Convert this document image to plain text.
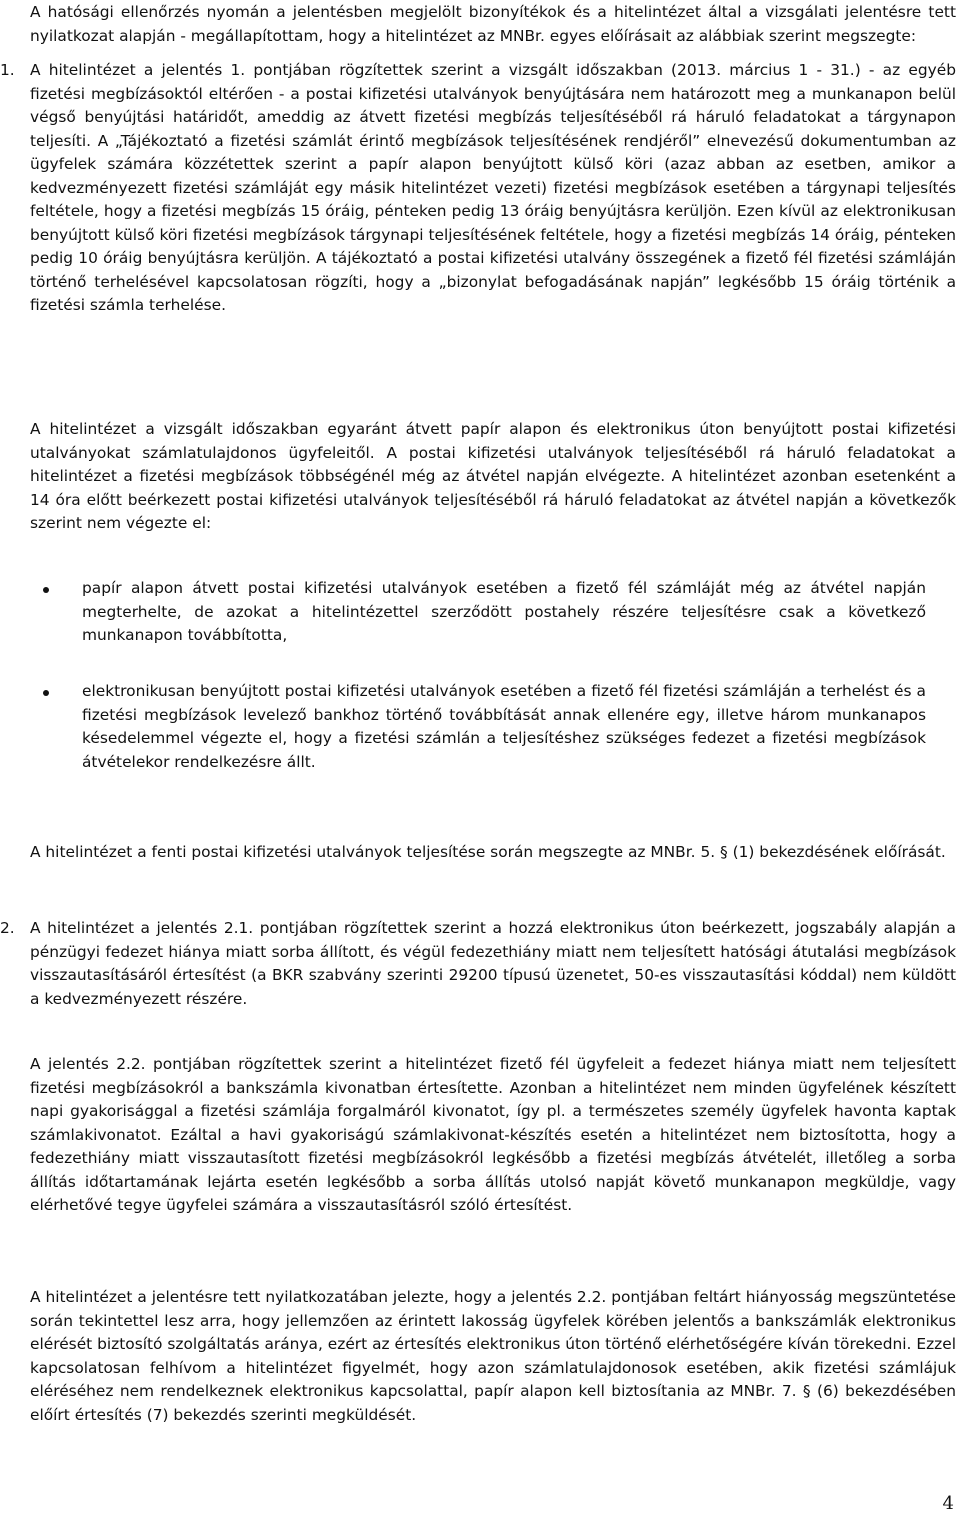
A hatósági ellenőrzés nyomán a jelentésben megjelölt bizonyítékok és a hitelintézet által a vizsgálati jelentésre tett nyilatkozat alapján - megállapítottam, hogy a hitelintézet az MNBr. egyes előírásait az alábbiak szerint megszegte:

1. A hitelintézet a jelentés 1. pontjában rögzítettek szerint a vizsgált időszakban (2013. március 1 - 31.) - az egyéb fizetési megbízásoktól eltérően - a postai kifizetési utalványok benyújtására nem határozott meg a munkanapon belül végső benyújtási határidőt, ameddig az átvett fizetési megbízás teljesítéséből rá háruló feladatokat a tárgynapon teljesíti. A „Tájékoztató a fizetési számlát érintő megbízások teljesítésének rendjéről” elnevezésű dokumentumban az ügyfelek számára közzétettek szerint a papír alapon benyújtott külső köri (azaz abban az esetben, amikor a kedvezményezett fizetési számláját egy másik hitelintézet vezeti) fizetési megbízások esetében a tárgynapi teljesítés feltétele, hogy a fizetési megbízás 15 óráig, pénteken pedig 13 óráig benyújtásra kerüljön. Ezen kívül az elektronikusan benyújtott külső köri fizetési megbízások tárgynapi teljesítésének feltétele, hogy a fizetési megbízás 14 óráig, pénteken pedig 10 óráig benyújtásra kerüljön. A tájékoztató a postai kifizetési utalvány összegének a fizető fél fizetési számláján történő terhelésével kapcsolatosan rögzíti, hogy a „bizonylat befogadásának napján” legkésőbb 15 óráig történik a fizetési számla terhelése.

A hitelintézet a vizsgált időszakban egyaránt átvett papír alapon és elektronikus úton benyújtott postai kifizetési utalványokat számlatulajdonos ügyfeleitől. A postai kifizetési utalványok teljesítéséből rá háruló feladatokat a hitelintézet a fizetési megbízások többségénél még az átvétel napján elvégezte. A hitelintézet azonban esetenként a 14 óra előtt beérkezett postai kifizetési utalványok teljesítéséből rá háruló feladatokat az átvétel napján a következők szerint nem végezte el:

papír alapon átvett postai kifizetési utalványok esetében a fizető fél számláját még az átvétel napján megterhelte, de azokat a hitelintézettel szerződött postahely részére teljesítésre csak a következő munkanapon továbbította,

elektronikusan benyújtott postai kifizetési utalványok esetében a fizető fél fizetési számláján a terhelést és a fizetési megbízások levelező bankhoz történő továbbítását annak ellenére egy, illetve három munkanapos késedelemmel végezte el, hogy a fizetési számlán a teljesítéshez szükséges fedezet a fizetési megbízások átvételekor rendelkezésre állt.

A hitelintézet a fenti postai kifizetési utalványok teljesítése során megszegte az MNBr. 5. § (1) bekezdésének előírását.

2. A hitelintézet a jelentés 2.1. pontjában rögzítettek szerint a hozzá elektronikus úton beérkezett, jogszabály alapján a pénzügyi fedezet hiánya miatt sorba állított, és végül fedezethiány miatt nem teljesített hatósági átutalási megbízások visszautasításáról értesítést (a BKR szabvány szerinti 29200 típusú üzenetet, 50-es visszautasítási kóddal) nem küldött a kedvezményezett részére.

A jelentés 2.2. pontjában rögzítettek szerint a hitelintézet fizető fél ügyfeleit a fedezet hiánya miatt nem teljesített fizetési megbízásokról a bankszámla kivonatban értesítette. Azonban a hitelintézet nem minden ügyfelének készített napi gyakorisággal a fizetési számlája forgalmáról kivonatot, így pl. a természetes személy ügyfelek havonta kaptak számlakivonatot. Ezáltal a havi gyakoriságú számlakivonat-készítés esetén a hitelintézet nem biztosította, hogy a fedezethiány miatt visszautasított fizetési megbízásokról legkésőbb a fizetési megbízás átvételét, illetőleg a sorba állítás időtartamának lejárta esetén legkésőbb a sorba állítás utolsó napját követő munkanapon megküldje, vagy elérhetővé tegye ügyfelei számára a visszautasításról szóló értesítést.

A hitelintézet a jelentésre tett nyilatkozatában jelezte, hogy a jelentés 2.2. pontjában feltárt hiányosság megszüntetése során tekintettel lesz arra, hogy jellemzően az érintett lakosság ügyfelek körében jelentős a bankszámlák elektronikus elérését biztosító szolgáltatás aránya, ezért az értesítés elektronikus úton történő elérhetőségére kíván törekedni. Ezzel kapcsolatosan felhívom a hitelintézet figyelmét, hogy azon számlatulajdonosok esetében, akik fizetési számlájuk eléréséhez nem rendelkeznek elektronikus kapcsolattal, papír alapon kell biztosítania az MNBr. 7. § (6) bekezdésében előírt értesítés (7) bekezdés szerinti megküldését.

4
